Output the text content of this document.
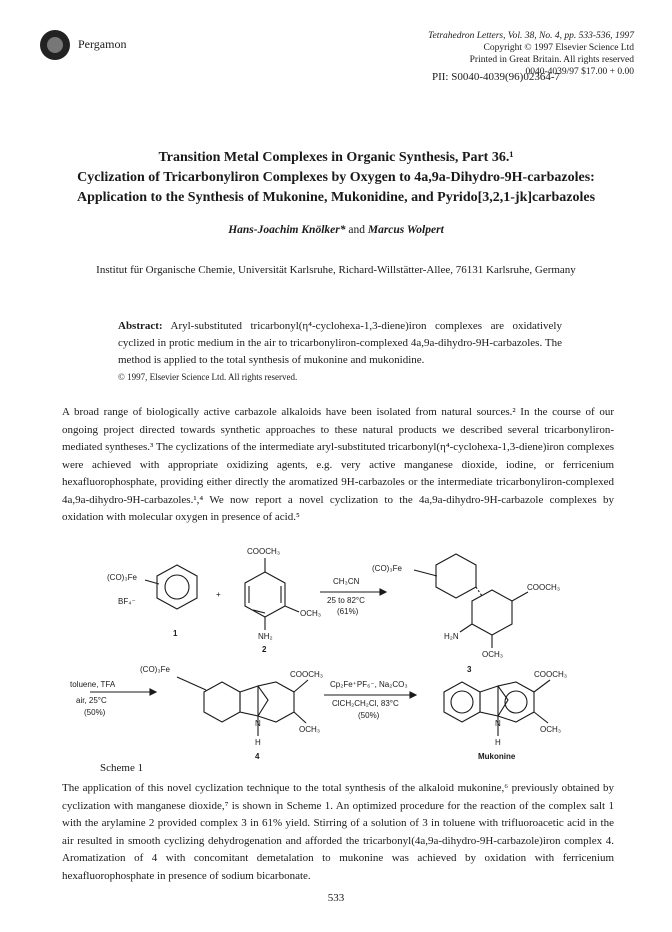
Pergamon
Tetrahedron Letters, Vol. 38, No. 4, pp. 533-536, 1997
Copyright © 1997 Elsevier Science Ltd
Printed in Great Britain. All rights reserved
0040-4039/97 $17.00 + 0.00
PII: S0040-4039(96)02364-7
Transition Metal Complexes in Organic Synthesis, Part 36.¹
Cyclization of Tricarbonyliron Complexes by Oxygen to 4a,9a-Dihydro-9H-carbazoles:
Application to the Synthesis of Mukonine, Mukonidine, and Pyrido[3,2,1-jk]carbazoles
Hans-Joachim Knölker* and Marcus Wolpert
Institut für Organische Chemie, Universität Karlsruhe, Richard-Willstätter-Allee, 76131 Karlsruhe, Germany
Abstract: Aryl-substituted tricarbonyl(η⁴-cyclohexa-1,3-diene)iron complexes are oxidatively cyclized in protic medium in the air to tricarbonyliron-complexed 4a,9a-dihydro-9H-carbazoles. The method is applied to the total synthesis of mukonine and mukonidine.
© 1997, Elsevier Science Ltd. All rights reserved.
A broad range of biologically active carbazole alkaloids have been isolated from natural sources.² In the course of our ongoing project directed towards synthetic approaches to these natural products we described several tricarbonyliron-mediated syntheses.³ The cyclizations of the intermediate aryl-substituted tricarbonyl(η⁴-cyclohexa-1,3-diene)iron complexes were achieved with appropriate oxidizing agents, e.g. very active manganese dioxide, iodine, or ferricenium hexafluorophosphate, providing either directly the aromatized 9H-carbazoles or the intermediate tricarbonyliron-complexed 4a,9a-dihydro-9H-carbazoles.¹,⁴ We now report a novel cyclization to the 4a,9a-dihydro-9H-carbazole complexes by oxidation with molecular oxygen in presence of acid.⁵
(CO)₃Fe
BF₄⁻
1
+
COOCH₃
OCH₃
NH₂
2
CH₃CN
25 to 82°C
(61%)
(CO)₃Fe
COOCH₃
H₂N
OCH₃
3
(CO)₃Fe
COOCH₃
N
H
OCH₃
4
toluene, TFA
air, 25°C
(50%)
Cp₂Fe⁺PF₆⁻, Na₂CO₃
ClCH₂CH₂Cl, 83°C
(50%)
COOCH₃
N
H
OCH₃
Mukonine
Scheme 1
The application of this novel cyclization technique to the total synthesis of the alkaloid mukonine,⁶ previously obtained by cyclization with manganese dioxide,⁷ is shown in Scheme 1. An optimized procedure for the reaction of the complex salt 1 with the arylamine 2 provided complex 3 in 61% yield. Stirring of a solution of 3 in toluene with trifluoroacetic acid in the air resulted in smooth cyclizing dehydrogenation and afforded the tricarbonyl(4a,9a-dihydro-9H-carbazole)iron complex 4. Aromatization of 4 with concomitant demetalation to mukonine was achieved by oxidation with ferricenium hexafluorophosphate in presence of sodium bicarbonate.
533
